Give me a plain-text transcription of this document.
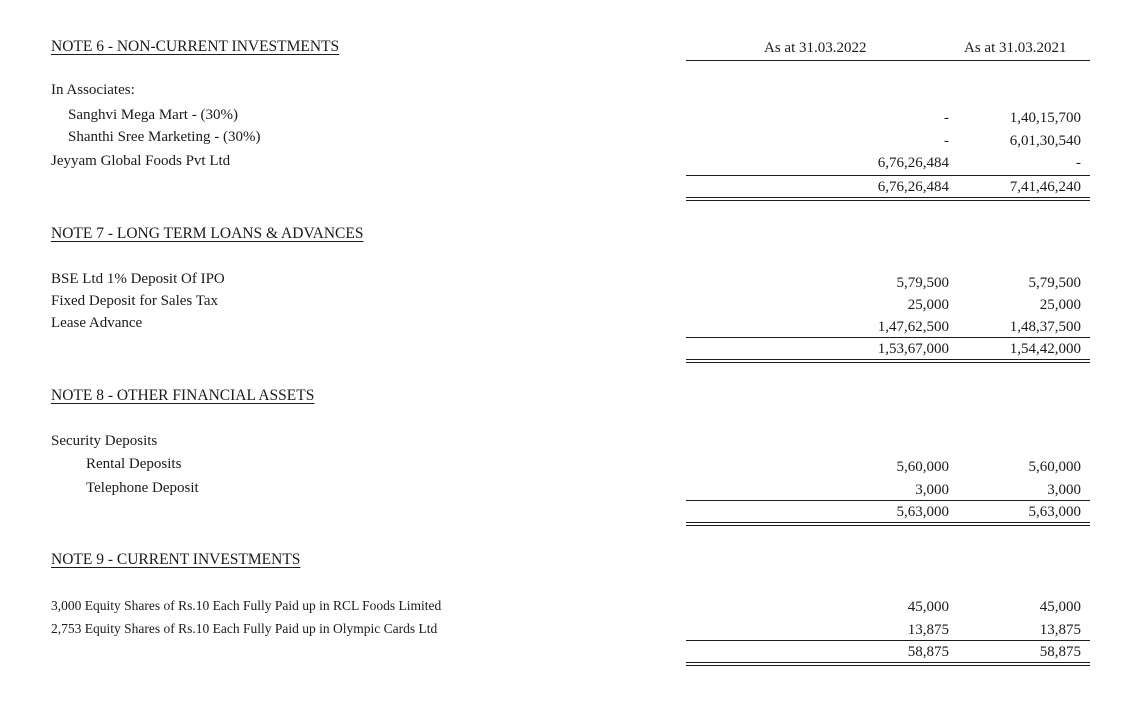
As at 31.03.2022	As at 31.03.2021
NOTE 6 - NON-CURRENT INVESTMENTS
In Associates:
Sanghvi Mega Mart - (30%)	-	1,40,15,700
Shanthi Sree Marketing - (30%)	-	6,01,30,540
Jeyyam Global Foods Pvt Ltd	6,76,26,484	-
6,76,26,484	7,41,46,240
NOTE 7 - LONG TERM LOANS & ADVANCES
BSE Ltd 1% Deposit Of IPO	5,79,500	5,79,500
Fixed Deposit for Sales Tax	25,000	25,000
Lease Advance	1,47,62,500	1,48,37,500
1,53,67,000	1,54,42,000
NOTE 8 - OTHER FINANCIAL ASSETS
Security Deposits
Rental Deposits	5,60,000	5,60,000
Telephone Deposit	3,000	3,000
5,63,000	5,63,000
NOTE 9 - CURRENT INVESTMENTS
3,000 Equity Shares of Rs.10 Each Fully Paid up in RCL Foods Limited	45,000	45,000
2,753 Equity Shares of Rs.10 Each Fully Paid up in Olympic Cards Ltd	13,875	13,875
58,875	58,875
